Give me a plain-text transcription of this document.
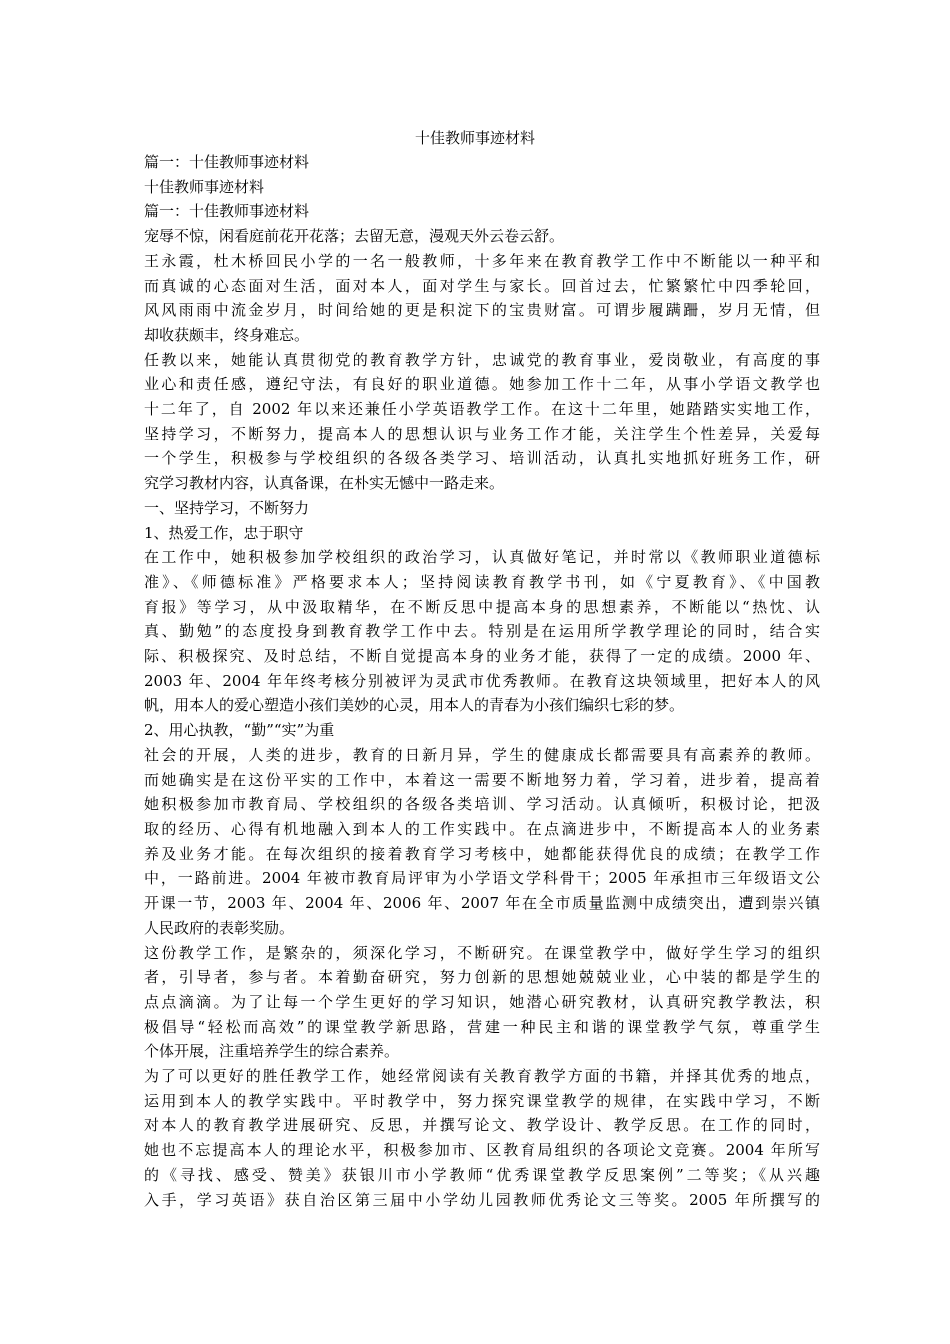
十佳教师事迹材料

篇一：十佳教师事迹材料

十佳教师事迹材料

篇一：十佳教师事迹材料

宠辱不惊，闲看庭前花开花落；去留无意，漫观天外云卷云舒。

王永霞，杜木桥回民小学的一名一般教师，十多年来在教育教学工作中不断能以一种平和

而真诚的心态面对生活，面对本人，面对学生与家长。回首过去，忙繁繁忙中四季轮回，

风风雨雨中流金岁月，时间给她的更是积淀下的宝贵财富。可谓步履蹒跚，岁月无情，但

却收获颇丰，终身难忘。

任教以来，她能认真贯彻党的教育教学方针，忠诚党的教育事业，爱岗敬业，有高度的事

业心和责任感，遵纪守法，有良好的职业道德。她参加工作十二年，从事小学语文教学也

十二年了，自 2002 年以来还兼任小学英语教学工作。在这十二年里，她踏踏实实地工作，

坚持学习，不断努力，提高本人的思想认识与业务工作才能，关注学生个性差异，关爱每

一个学生，积极参与学校组织的各级各类学习、培训活动，认真扎实地抓好班务工作，研

究学习教材内容，认真备课，在朴实无憾中一路走来。

一、坚持学习，不断努力

1、热爱工作，忠于职守

在工作中，她积极参加学校组织的政治学习，认真做好笔记，并时常以《教师职业道德标

准》、《师德标准》严格要求本人；坚持阅读教育教学书刊，如《宁夏教育》、《中国教

育报》等学习，从中汲取精华，在不断反思中提高本身的思想素养，不断能以“热忱、认

真、勤勉”的态度投身到教育教学工作中去。特别是在运用所学教学理论的同时，结合实

际、积极探究、及时总结，不断自觉提高本身的业务才能，获得了一定的成绩。2000 年、

2003 年、2004 年年终考核分别被评为灵武市优秀教师。在教育这块领域里，把好本人的风

帆，用本人的爱心塑造小孩们美妙的心灵，用本人的青春为小孩们编织七彩的梦。

2、用心执教，“勤”“实”为重

社会的开展，人类的进步，教育的日新月异，学生的健康成长都需要具有高素养的教师。

而她确实是在这份平实的工作中，本着这一需要不断地努力着，学习着，进步着，提高着

她积极参加市教育局、学校组织的各级各类培训、学习活动。认真倾听，积极讨论，把汲

取的经历、心得有机地融入到本人的工作实践中。在点滴进步中，不断提高本人的业务素

养及业务才能。在每次组织的接着教育学习考核中，她都能获得优良的成绩；在教学工作

中，一路前进。2004 年被市教育局评审为小学语文学科骨干；2005 年承担市三年级语文公

开课一节，2003 年、2004 年、2006 年、2007 年在全市质量监测中成绩突出，遭到崇兴镇

人民政府的表彰奖励。

这份教学工作，是繁杂的，须深化学习，不断研究。在课堂教学中，做好学生学习的组织

者，引导者，参与者。本着勤奋研究，努力创新的思想她兢兢业业，心中装的都是学生的

点点滴滴。为了让每一个学生更好的学习知识，她潜心研究教材，认真研究教学教法，积

极倡导“轻松而高效”的课堂教学新思路，营建一种民主和谐的课堂教学气氛，尊重学生

个体开展，注重培养学生的综合素养。

为了可以更好的胜任教学工作，她经常阅读有关教育教学方面的书籍，并择其优秀的地点，

运用到本人的教学实践中。平时教学中，努力探究课堂教学的规律，在实践中学习，不断

对本人的教育教学进展研究、反思，并撰写论文、教学设计、教学反思。在工作的同时，

她也不忘提高本人的理论水平，积极参加市、区教育局组织的各项论文竞赛。2004 年所写

的《寻找、感受、赞美》获银川市小学教师“优秀课堂教学反思案例”二等奖；《从兴趣

入手，学习英语》获自治区第三届中小学幼儿园教师优秀论文三等奖。2005 年所撰写的
